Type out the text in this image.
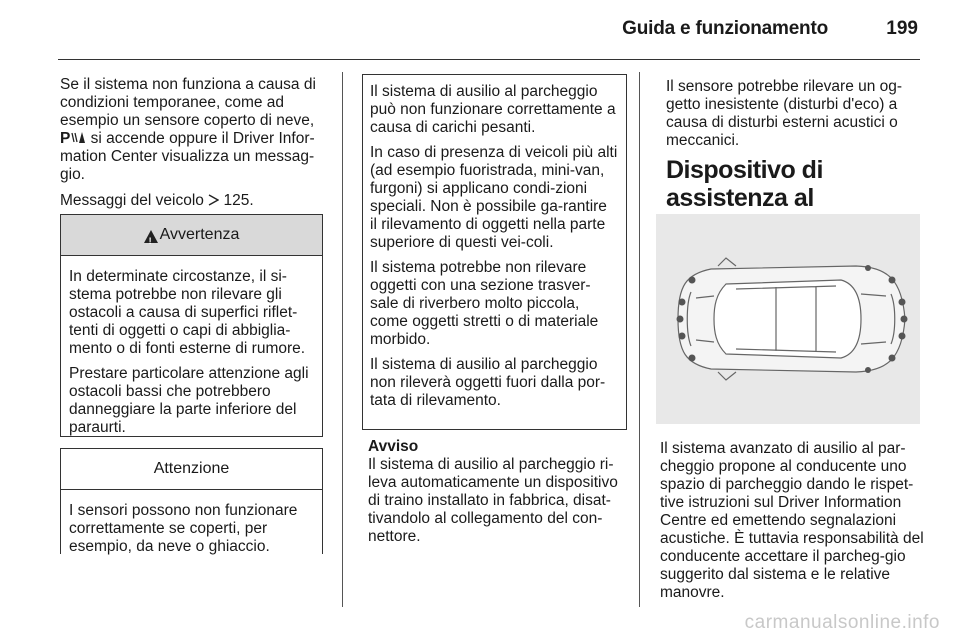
Guida e funzionamento	199

Se il sistema non funziona a causa di condizioni temporanee, come ad esempio un sensore coperto di neve, P si accende oppure il Driver Infor-mation Center visualizza un messag-gio.

Messaggi del veicolo 125.

!
Avvertenza

In determinate circostanze, il si-stema potrebbe non rilevare gli ostacoli a causa di superfici riflet-tenti di oggetti o capi di abbiglia-mento o di fonti esterne di rumore.

Prestare particolare attenzione agli ostacoli bassi che potrebbero danneggiare la parte inferiore del paraurti.

Attenzione

I sensori possono non funzionare correttamente se coperti, per esempio, da neve o ghiaccio.

Il sistema di ausilio al parcheggio può non funzionare correttamente a causa di carichi pesanti.

In caso di presenza di veicoli più alti (ad esempio fuoristrada, mini-van, furgoni) si applicano condi-zioni speciali. Non è possibile ga-rantire il rilevamento di oggetti nella parte superiore di questi vei-coli.

Il sistema potrebbe non rilevare oggetti con una sezione trasver-sale di riverbero molto piccola, come oggetti stretti o di materiale morbido.

Il sistema di ausilio al parcheggio non rileverà oggetti fuori dalla por-tata di rilevamento.

Avviso
Il sistema di ausilio al parcheggio ri-leva automaticamente un dispositivo di traino installato in fabbrica, disat-tivandolo al collegamento del con-nettore.

Il sensore potrebbe rilevare un og-getto inesistente (disturbi d'eco) a causa di disturbi esterni acustici o meccanici.

Dispositivo di assistenza al
Il sistema avanzato di ausilio al par-cheggio propone al conducente uno spazio di parcheggio dando le rispet-tive istruzioni sul Driver Information Centre ed emettendo segnalazioni acustiche. È tuttavia responsabilità del conducente accettare il parcheg-gio suggerito dal sistema e le relative manovre.
carmanualsonline.info
